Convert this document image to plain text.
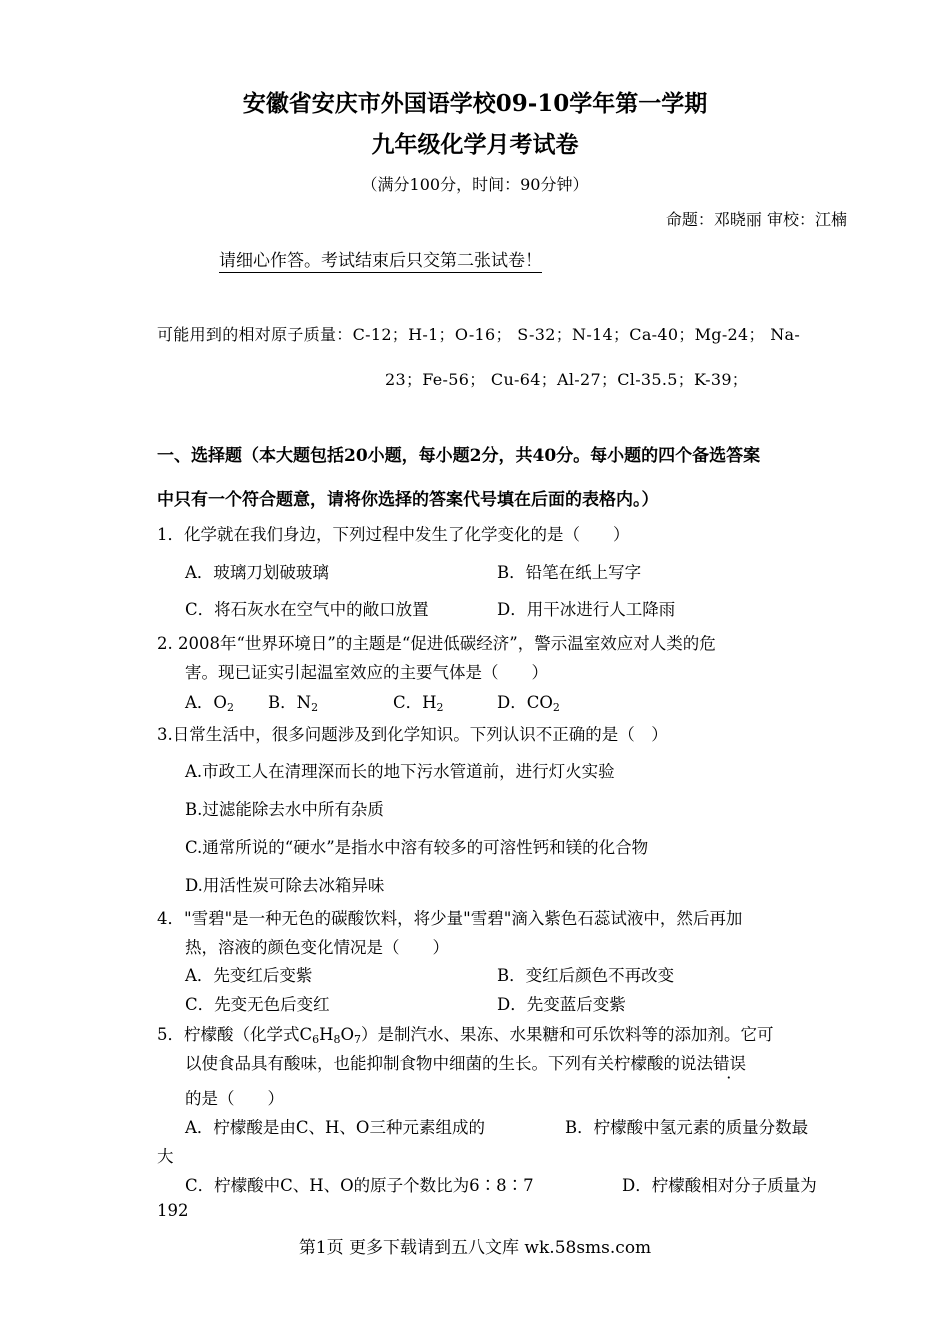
安徽省安庆市外国语学校09-10学年第一学期
九年级化学月考试卷
（满分100分，时间：90分钟）
命题：邓晓丽 审校：江楠
请细心作答。考试结束后只交第二张试卷！
可能用到的相对原子质量：C-12；H-1；O-16； S-32；N-14；Ca-40；Mg-24； Na-
23；Fe-56； Cu-64；Al-27；Cl-35.5；K-39；
一、选择题（本大题包括20小题，每小题2分，共40分。每小题的四个备选答案
中只有一个符合题意，请将你选择的答案代号填在后面的表格内。）
1．化学就在我们身边，下列过程中发生了化学变化的是（　　）
A．玻璃刀划破玻璃	B．铅笔在纸上写字
C．将石灰水在空气中的敞口放置	D．用干冰进行人工降雨
2. 2008年“世界环境日”的主题是“促进低碳经济”，警示温室效应对人类的危
害。现已证实引起温室效应的主要气体是（　　）
A．$O_2$ B．$N_2$	C．$H_2$	D．$CO_2$
3.日常生活中，很多问题涉及到化学知识。下列认识不正确的是（　）
A.市政工人在清理深而长的地下污水管道前，进行灯火实验
B.过滤能除去水中所有杂质
C.通常所说的“硬水”是指水中溶有较多的可溶性钙和镁的化合物
D.用活性炭可除去冰箱异味
4．"雪碧"是一种无色的碳酸饮料，将少量"雪碧"滴入紫色石蕊试液中，然后再加
热，溶液的颜色变化情况是（　　）
A．先变红后变紫	B．变红后颜色不再改变
C．先变无色后变红	D．先变蓝后变紫
5．柠檬酸（化学式$C_6H_8O_7$）是制汽水、果冻、水果糖和可乐饮料等的添加剂。它可
以使食品具有酸味，也能抑制食物中细菌的生长。下列有关柠檬酸的说法错误
的是（　　）
A．柠檬酸是由C、H、O三种元素组成的	B．柠檬酸中氢元素的质量分数最
大
C．柠檬酸中C、H、O的原子个数比为6∶8∶7	D．柠檬酸相对分子质量为
192
第1页 更多下载请到五八文库 wk.58sms.com
